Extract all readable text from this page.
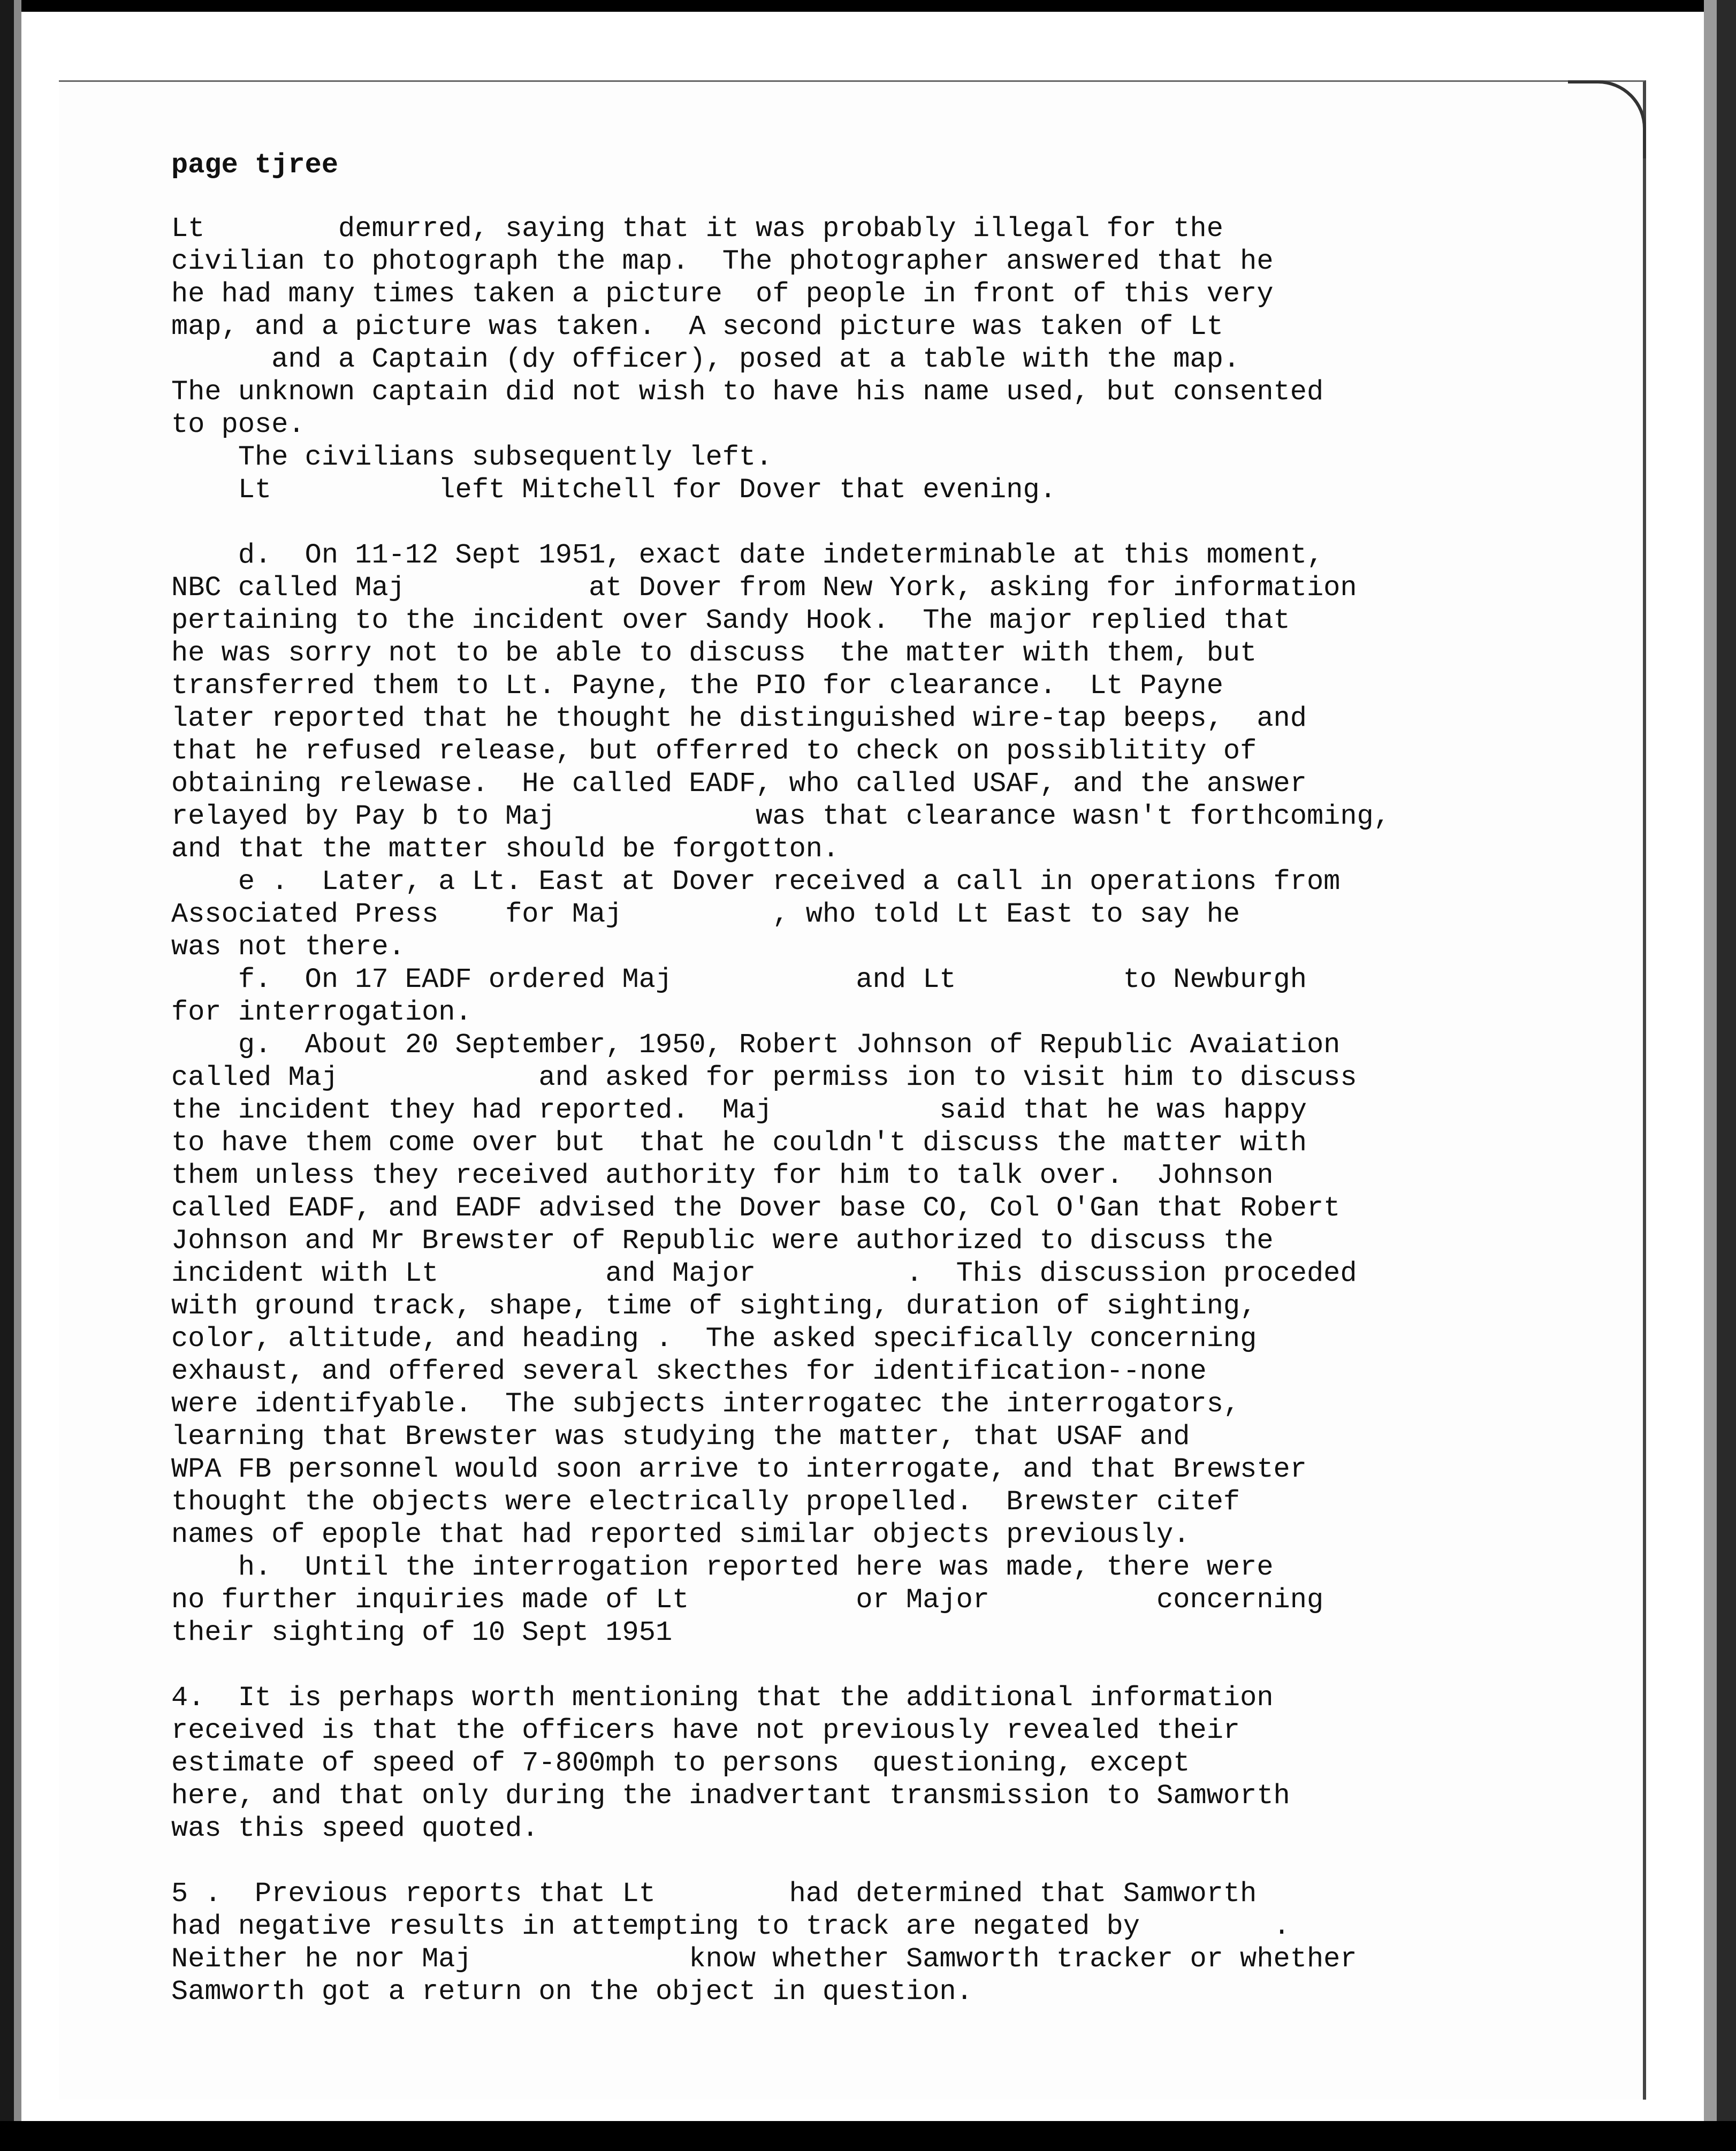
page tjree
Lt        demurred, saying that it was probably illegal for the
civilian to photograph the map.  The photographer answered that he
he had many times taken a picture  of people in front of this very
map, and a picture was taken.  A second picture was taken of Lt
and a Captain (dy officer), posed at a table with the map.
The unknown captain did not wish to have his name used, but consented
to pose.
The civilians subsequently left.
Lt          left Mitchell for Dover that evening.
d.  On 11-12 Sept 1951, exact date indeterminable at this moment,
NBC called Maj           at Dover from New York, asking for information
pertaining to the incident over Sandy Hook.  The major replied that
he was sorry not to be able to discuss  the matter with them, but
transferred them to Lt. Payne, the PIO for clearance.  Lt Payne
later reported that he thought he distinguished wire-tap beeps,  and
that he refused release, but offerred to check on possiblitity of
obtaining relewase.  He called EADF, who called USAF, and the answer
relayed by Pay b to Maj            was that clearance wasn't forthcoming,
and that the matter should be forgotton.
e .  Later, a Lt. East at Dover received a call in operations from
Associated Press    for Maj         , who told Lt East to say he
was not there.
f.  On 17 EADF ordered Maj           and Lt          to Newburgh
for interrogation.
g.  About 20 September, 1950, Robert Johnson of Republic Avaiation
called Maj            and asked for permiss ion to visit him to discuss
the incident they had reported.  Maj          said that he was happy
to have them come over but  that he couldn't discuss the matter with
them unless they received authority for him to talk over.  Johnson
called EADF, and EADF advised the Dover base CO, Col O'Gan that Robert
Johnson and Mr Brewster of Republic were authorized to discuss the
incident with Lt          and Major         .  This discussion proceded
with ground track, shape, time of sighting, duration of sighting,
color, altitude, and heading .  The asked specifically concerning
exhaust, and offered several skecthes for identification--none
were identifyable.  The subjects interrogatec the interrogators,
learning that Brewster was studying the matter, that USAF and
WPA FB personnel would soon arrive to interrogate, and that Brewster
thought the objects were electrically propelled.  Brewster citef
names of epople that had reported similar objects previously.
h.  Until the interrogation reported here was made, there were
no further inquiries made of Lt          or Major          concerning
their sighting of 10 Sept 1951
4.  It is perhaps worth mentioning that the additional information
received is that the officers have not previously revealed their
estimate of speed of 7-800mph to persons  questioning, except
here, and that only during the inadvertant transmission to Samworth
was this speed quoted.
5 .  Previous reports that Lt        had determined that Samworth
had negative results in attempting to track are negated by        .
Neither he nor Maj             know whether Samworth tracker or whether
Samworth got a return on the object in question.
